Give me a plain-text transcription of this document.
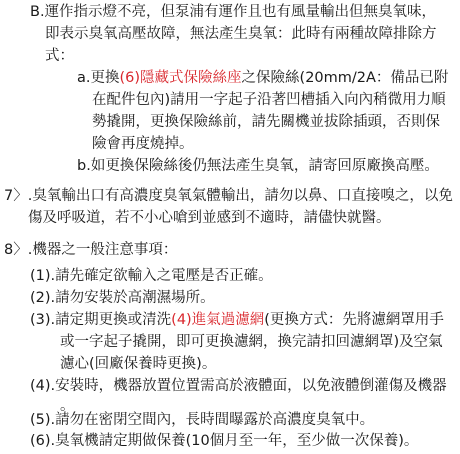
B.運作指示燈不亮，但泵浦有運作且也有風量輸出但無臭氧味，
即表示臭氧高壓故障，無法產生臭氧：此時有兩種故障排除方
式：
a.更換(6)隱藏式保險絲座之保險絲(20mm/2A：備品已附
在配件包內)請用一字起子沿著凹槽插入向內稍微用力順
勢撬開，更換保險絲前，請先關機並拔除插頭，否則保
險會再度燒掉。
b.如更換保險絲後仍無法產生臭氧，請寄回原廠換高壓。
7〉.臭氧輸出口有高濃度臭氧氣體輸出，請勿以鼻、口直接嗅之，以免
傷及呼吸道，若不小心嗆到並感到不適時，請儘快就醫。
8〉.機器之一般注意事項：
(1).請先確定欲輸入之電壓是否正確。
(2).請勿安裝於高潮濕場所。
(3).請定期更換或清洗(4)進氣過濾網(更換方式：先將濾網罩用手
或一字起子撬開，即可更換濾網，換完請扣回濾網罩)及空氣
濾心(回廠保養時更換)。
(4).安裝時，機器放置位置需高於液體面，以免液體倒灌傷及機器
。
(5).請勿在密閉空間內，長時間曝露於高濃度臭氧中。
(6).臭氧機請定期做保養(10個月至一年，至少做一次保養)。
